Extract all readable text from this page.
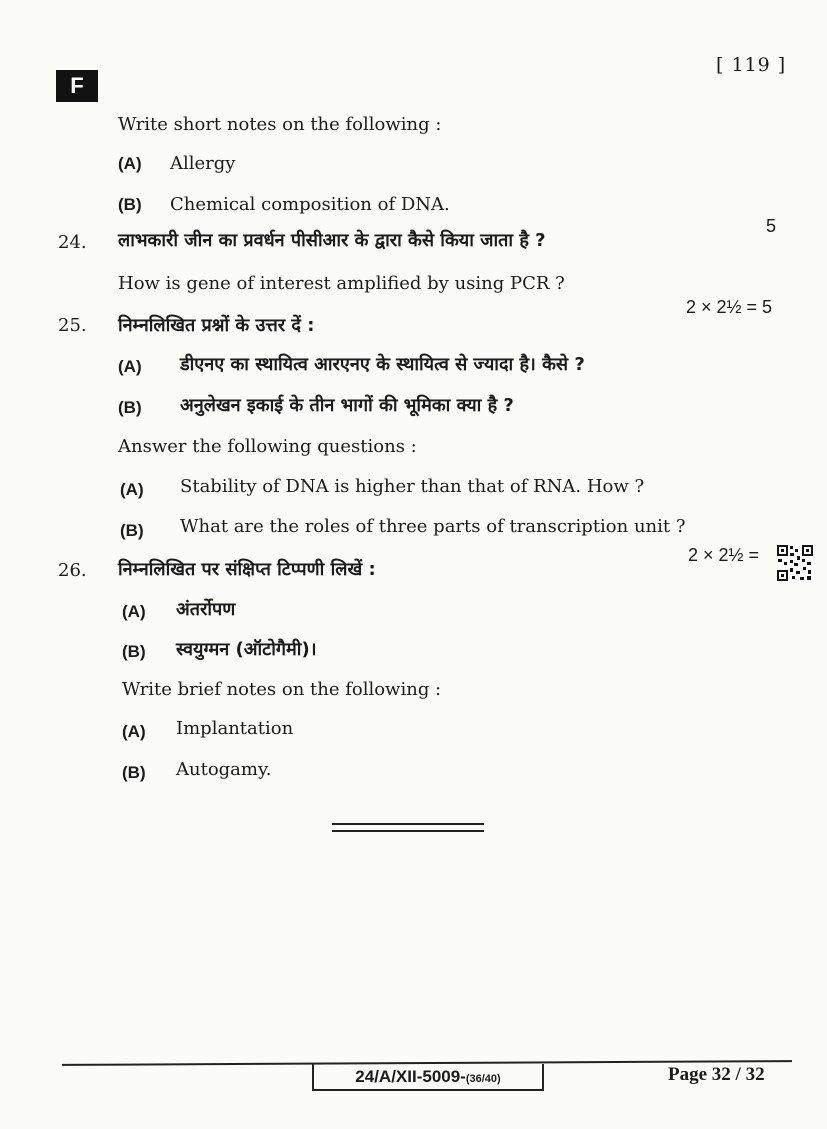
F
[ 119 ]
Write short notes on the following :
(A) Allergy
(B) Chemical composition of DNA.
24. लाभकारी जीन का प्रवर्धन पीसीआर के द्वारा कैसे किया जाता है ?
5
How is gene of interest amplified by using PCR ?
2 × 2½ = 5
25. निम्नलिखित प्रश्नों के उत्तर दें :
(A) डीएनए का स्थायित्व आरएनए के स्थायित्व से ज्यादा है। कैसे ?
(B) अनुलेखन इकाई के तीन भागों की भूमिका क्या है ?
Answer the following questions :
(A) Stability of DNA is higher than that of RNA. How ?
(B) What are the roles of three parts of transcription unit ?
26. निम्नलिखित पर संक्षिप्त टिप्पणी लिखें :
2 × 2½ =
(A) अंतर्रोपण
(B) स्वयुग्मन (ऑटोगैमी)।
Write brief notes on the following :
(A) Implantation
(B) Autogamy.
24/A/XII-5009-(36/40)	Page 32 / 32
